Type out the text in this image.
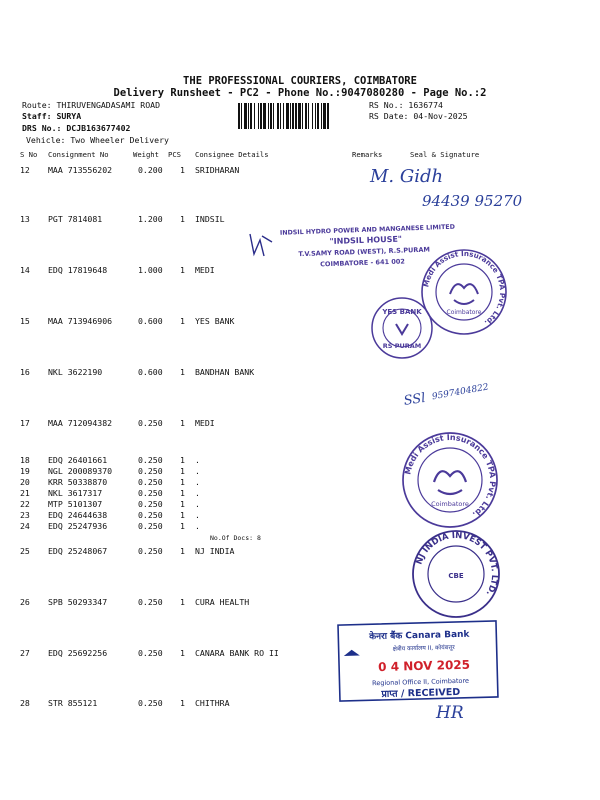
THE PROFESSIONAL COURIERS, COIMBATORE
Delivery Runsheet - PC2 - Phone No.:9047080280 - Page No.:2
Route: THIRUVENGADASAMI ROAD
Staff: SURYA
DRS No.: DCJB163677402
Vehicle: Two Wheeler Delivery
RS No.: 1636774
RS Date: 04-Nov-2025
S No Consignment No	Weight PCS Consignee Details	Remarks	Seal & Signature
12 MAA 713556202	0.200 1 SRIDHARAN
13 PGT 7814081	1.200 1 INDSIL
14 EDQ 17819648	1.000 1 MEDI
15 MAA 713946906	0.600 1 YES BANK
16 NKL 3622190	0.600 1 BANDHAN BANK
17 MAA 712094382	0.250 1 MEDI
18 EDQ 26401661	0.250 1 .
19 NGL 200089370	0.250 1 .
20 KRR 50338870	0.250 1 .
21 NKL 3617317	0.250 1 .
22 MTP 5101307	0.250 1 .
23 EDQ 24644638	0.250 1 .
24 EDQ 25247936	0.250 1 .
No.Of Docs: 8
25 EDQ 25248067	0.250 1 NJ INDIA
26 SPB 50293347	0.250 1 CURA HEALTH
27 EDQ 25692256	0.250 1 CANARA BANK RO II
28 STR 855121	0.250 1 CHITHRA
M. Gidh
94439 95270
INDSIL HYDRO POWER AND MANGANESE LIMITED
"INDSIL HOUSE"
T.V.SAMY ROAD (WEST), R.S.PURAM
COIMBATORE - 641 002
Medi Assist Insurance TPA Pvt. Ltd.
Coimbatore
YES BANK
RS PURAM
SSl 9597404822
Medi Assist Insurance TPA Pvt. Ltd.
Coimbatore
NJ INDIA INVEST PVT. LTD.
CBE
केनरा बैंक Canara Bank
क्षेत्रीय कार्यालय II, कोयंबत्तूर
0 4 NOV 2025
Regional Office II, Coimbatore
प्राप्त / RECEIVED
HR
